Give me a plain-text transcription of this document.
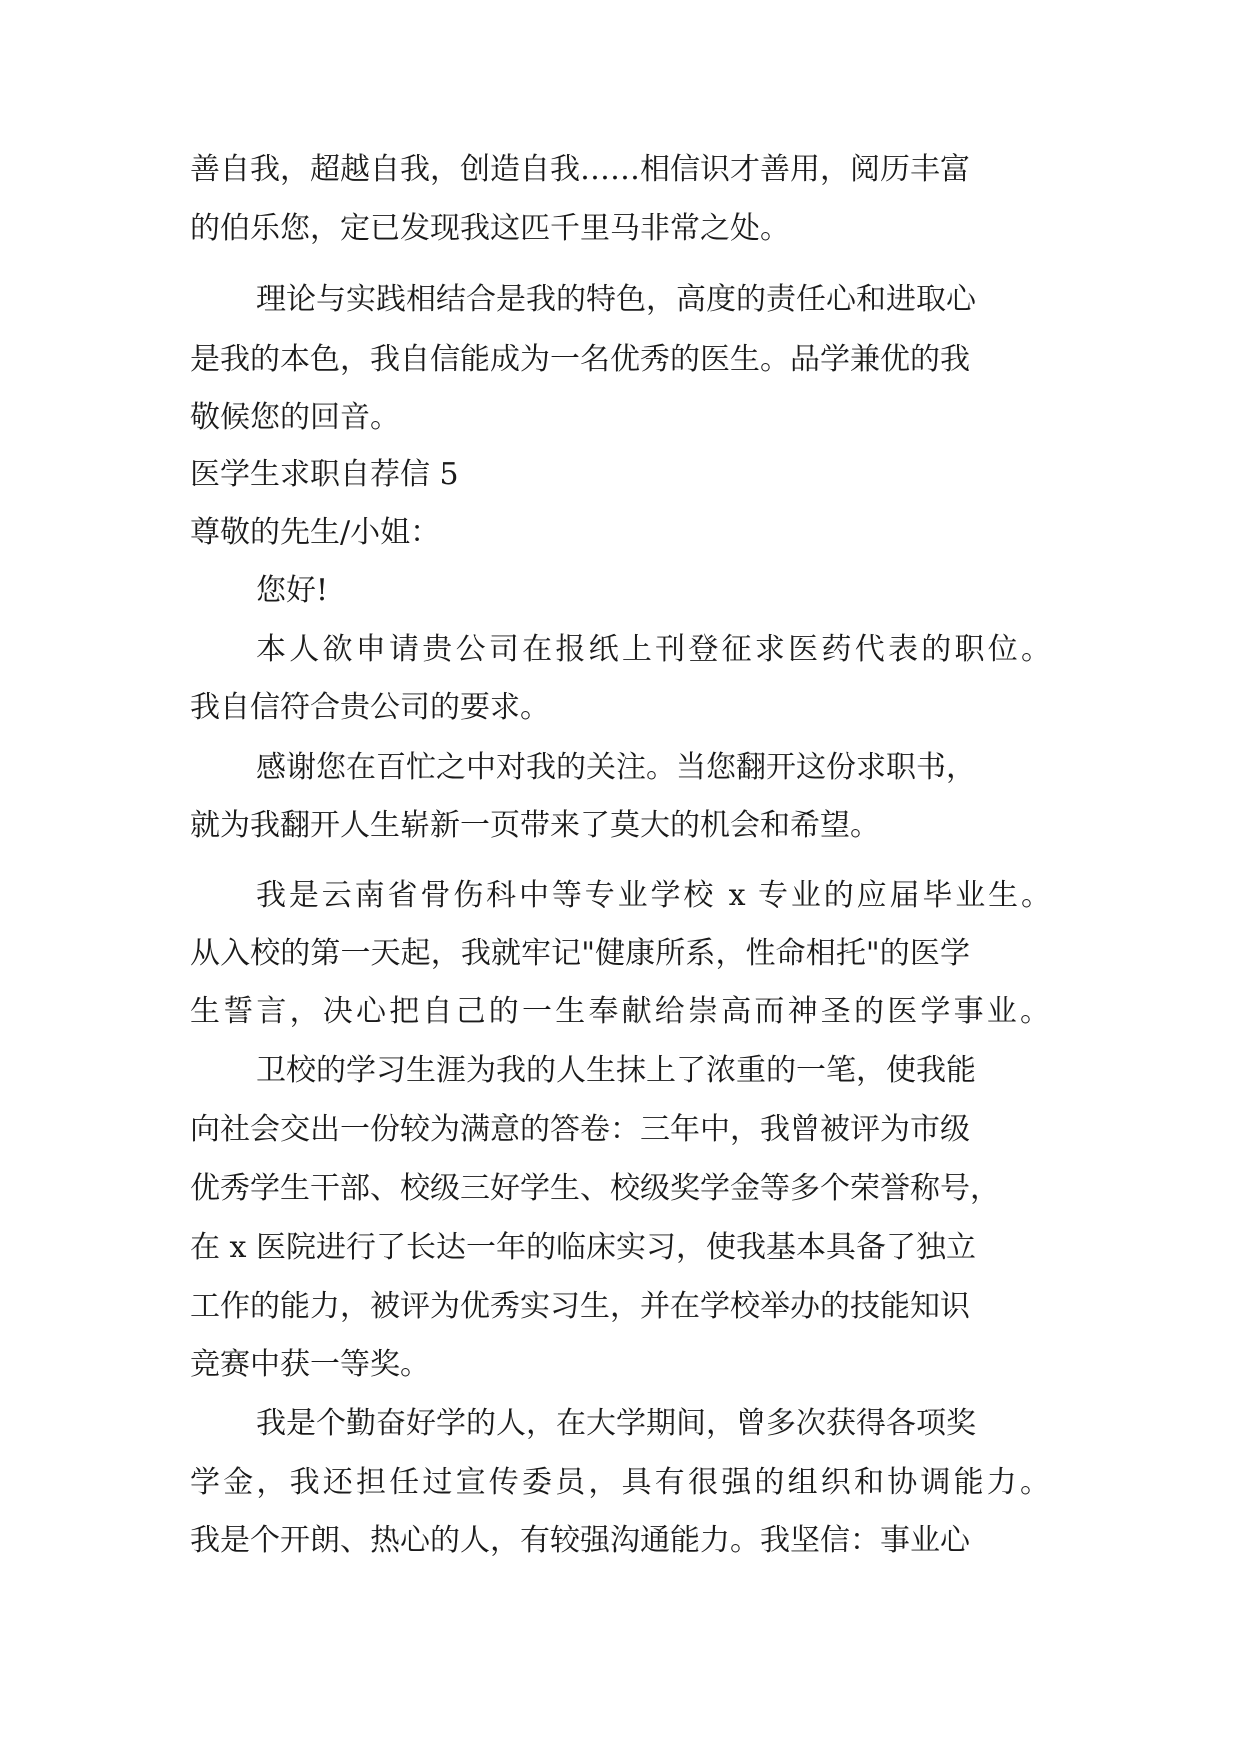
善自我，超越自我，创造自我……相信识才善用，阅历丰富
的伯乐您，定已发现我这匹千里马非常之处。
理论与实践相结合是我的特色，高度的责任心和进取心
是我的本色，我自信能成为一名优秀的医生。品学兼优的我
敬候您的回音。
医学生求职自荐信 5
尊敬的先生/小姐：
您好!
本人欲申请贵公司在报纸上刊登征求医药代表的职位。
我自信符合贵公司的要求。
感谢您在百忙之中对我的关注。当您翻开这份求职书，
就为我翻开人生崭新一页带来了莫大的机会和希望。
我是云南省骨伤科中等专业学校 x 专业的应届毕业生。
从入校的第一天起，我就牢记"健康所系，性命相托"的医学
生誓言，决心把自己的一生奉献给崇高而神圣的医学事业。
卫校的学习生涯为我的人生抹上了浓重的一笔，使我能
向社会交出一份较为满意的答卷：三年中，我曾被评为市级
优秀学生干部、校级三好学生、校级奖学金等多个荣誉称号，
在 x 医院进行了长达一年的临床实习，使我基本具备了独立
工作的能力，被评为优秀实习生，并在学校举办的技能知识
竞赛中获一等奖。
我是个勤奋好学的人，在大学期间，曾多次获得各项奖
学金，我还担任过宣传委员，具有很强的组织和协调能力。
我是个开朗、热心的人，有较强沟通能力。我坚信：事业心
